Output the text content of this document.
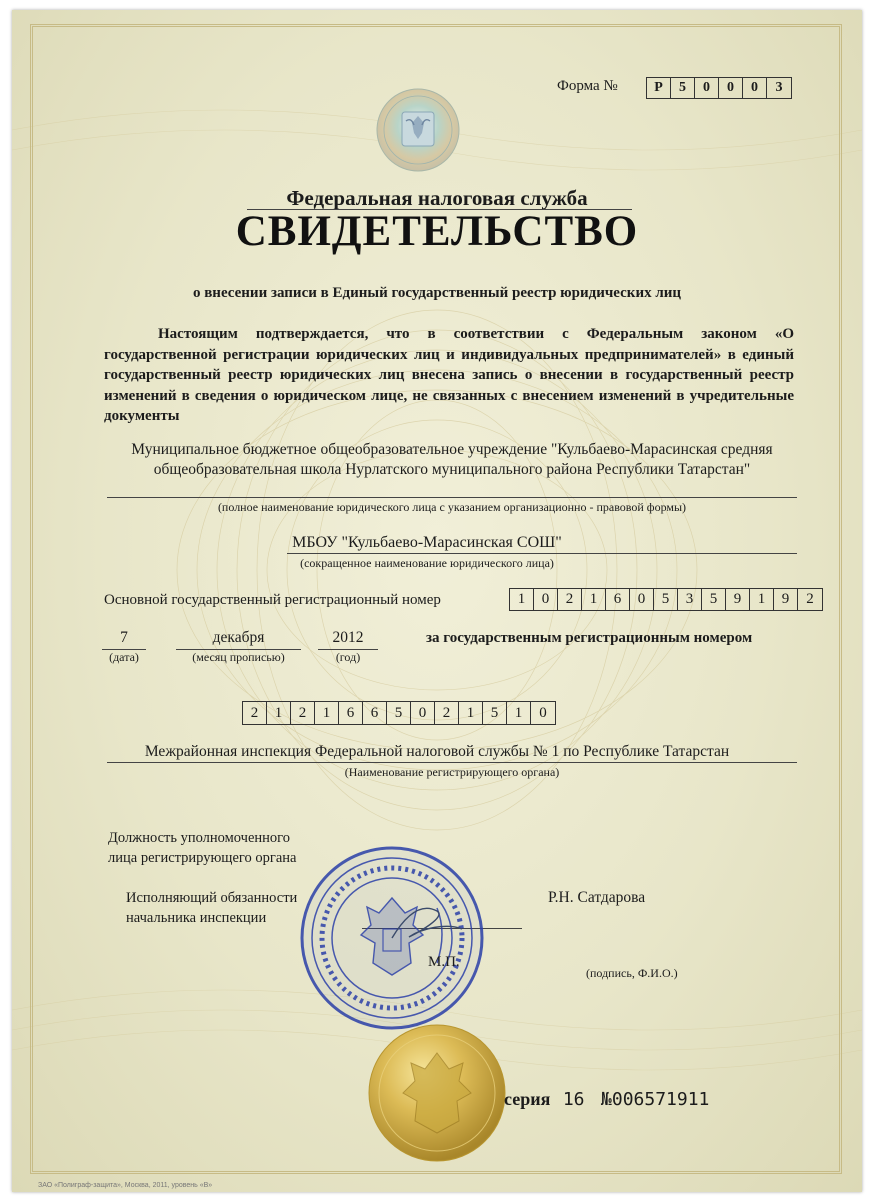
Форма №	Р	5	0	0	0	3
Федеральная налоговая служба
СВИДЕТЕЛЬСТВО
о внесении записи в Единый государственный реестр юридических лиц
Настоящим подтверждается, что в соответствии с Федеральным законом «О государственной регистрации юридических лиц и индивидуальных предпринимателей» в единый государственный реестр юридических лиц внесена запись о внесении в государственный реестр изменений в сведения о юридическом лице, не связанных с внесением изменений в учредительные документы
Муниципальное бюджетное общеобразовательное учреждение "Кульбаево-Марасинская средняя общеобразовательная школа Нурлатского муниципального района Республики Татарстан"
(полное наименование юридического лица с указанием организационно - правовой формы)
МБОУ "Кульбаево-Марасинская СОШ"
(сокращенное наименование юридического лица)
Основной государственный регистрационный номер	1	0	2	1	6	0	5	3	5	9	1	9	2
7
(дата)
декабря
(месяц прописью)
2012
(год)
за государственным регистрационным номером
2	1	2	1	6	6	5	0	2	1	5	1	0
Межрайонная инспекция Федеральной налоговой службы № 1 по Республике Татарстан
(Наименование регистрирующего органа)
Должность уполномоченного
лица регистрирующего органа
Исполняющий обязанности
начальника инспекции
Р.Н. Сатдарова
(подпись, Ф.И.О.)
М.П.
серия 16 №006571911
ЗАО «Полиграф-защита», Москва, 2011, уровень «В»
